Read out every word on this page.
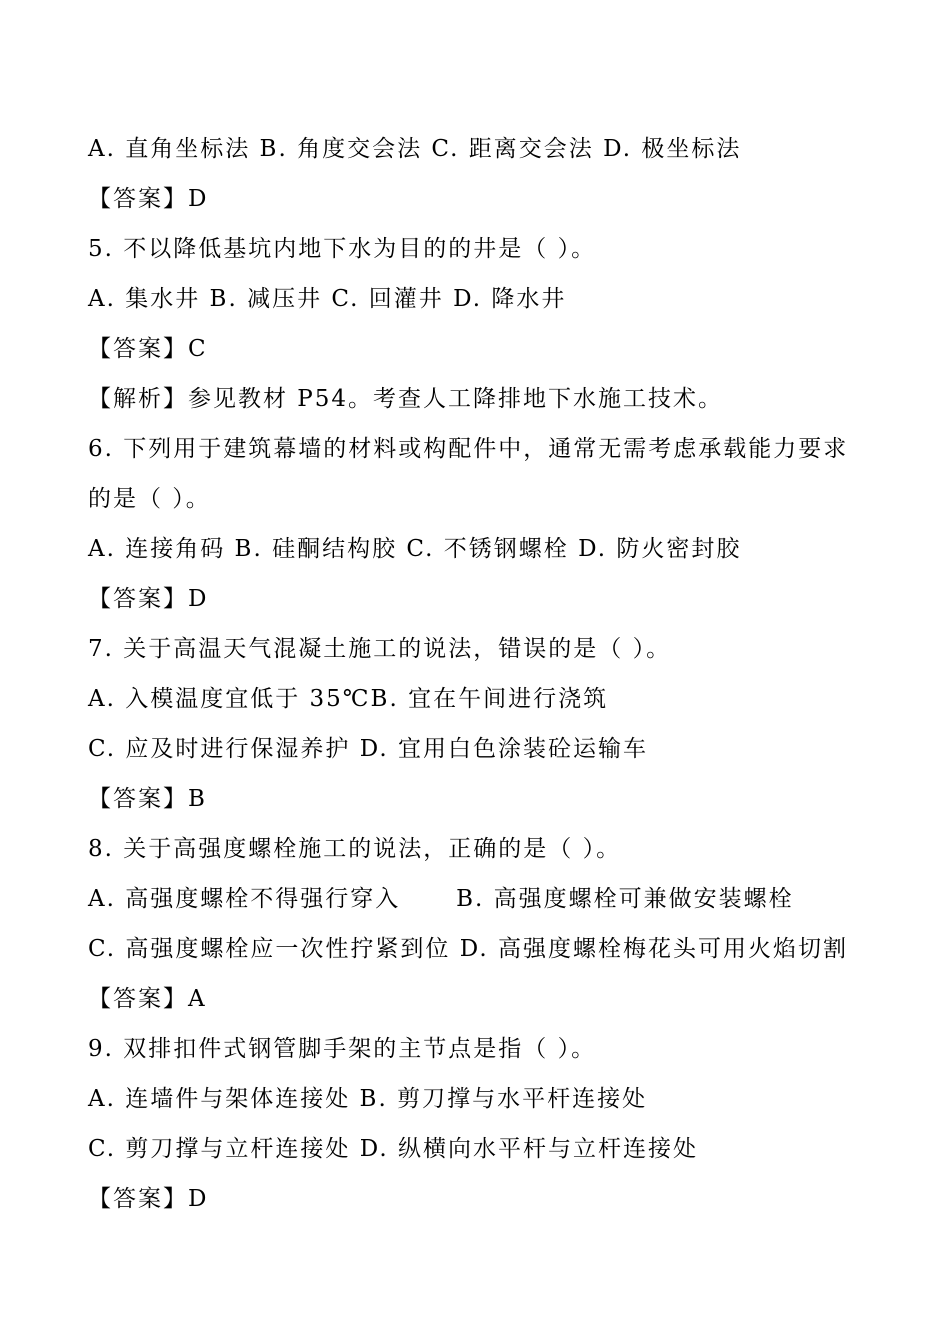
A. 直角坐标法 B. 角度交会法 C. 距离交会法 D. 极坐标法
【答案】D
5. 不以降低基坑内地下水为目的的井是（ ）。
A. 集水井 B. 减压井 C. 回灌井 D. 降水井
【答案】C
【解析】参见教材 P54。考查人工降排地下水施工技术。
6. 下列用于建筑幕墙的材料或构配件中，通常无需考虑承载能力要求
的是（ ）。
A. 连接角码 B. 硅酮结构胶 C. 不锈钢螺栓 D. 防火密封胶
【答案】D
7. 关于高温天气混凝土施工的说法，错误的是（ ）。
A. 入模温度宜低于 35℃B. 宜在午间进行浇筑
C. 应及时进行保湿养护 D. 宜用白色涂装砼运输车
【答案】B
8. 关于高强度螺栓施工的说法，正确的是（ ）。
A. 高强度螺栓不得强行穿入      B. 高强度螺栓可兼做安装螺栓
C. 高强度螺栓应一次性拧紧到位 D. 高强度螺栓梅花头可用火焰切割
【答案】A
9. 双排扣件式钢管脚手架的主节点是指（ ）。
A. 连墙件与架体连接处 B. 剪刀撑与水平杆连接处
C. 剪刀撑与立杆连接处 D. 纵横向水平杆与立杆连接处
【答案】D
